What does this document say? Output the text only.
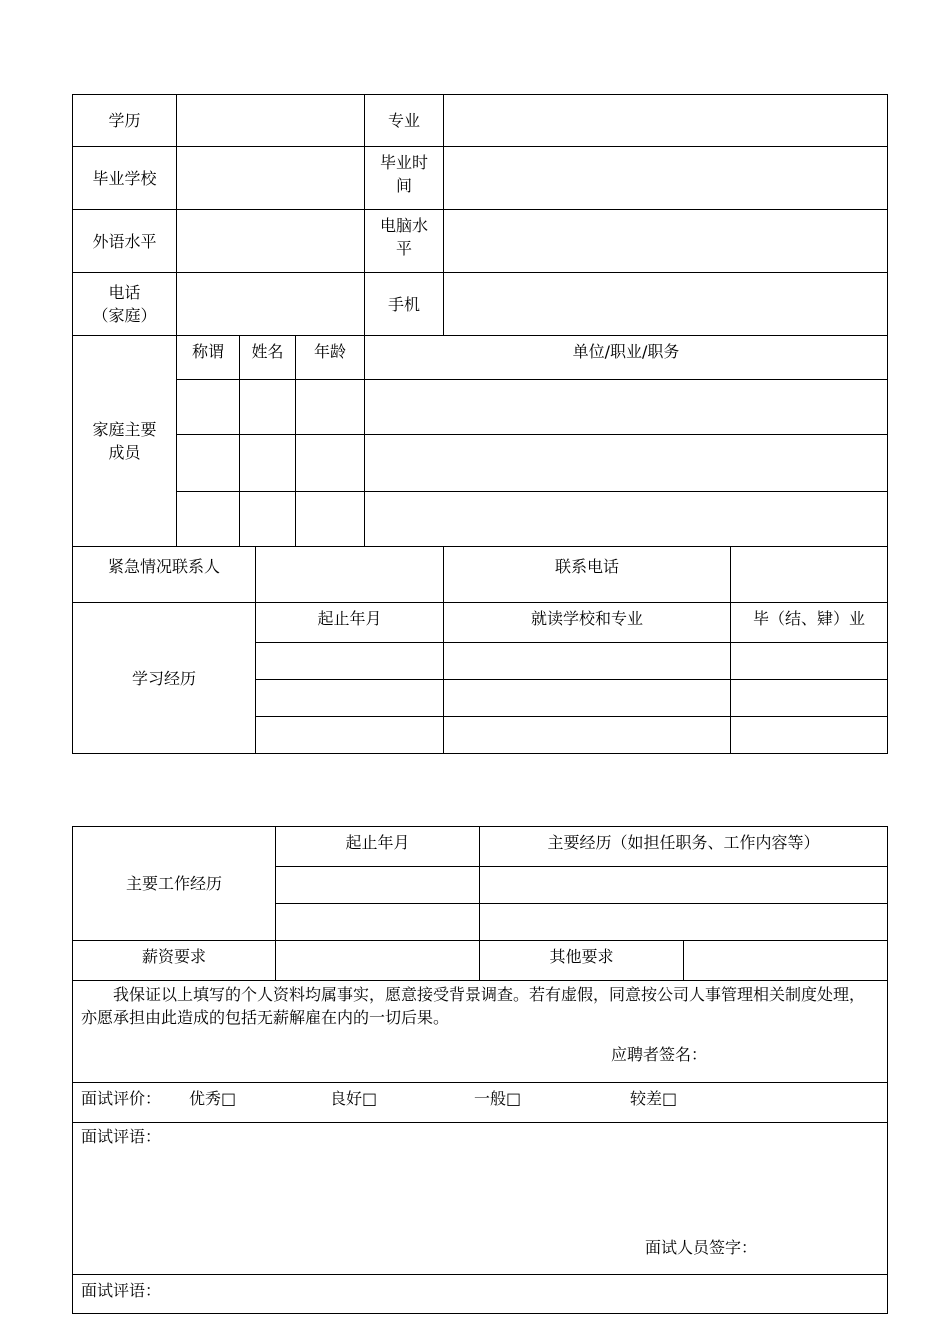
学历					专业		
毕业学校					毕业时间		
外语水平					电脑水平		

电话
（家庭）					手机		
家庭主要成员	称谓	姓名		年龄	单位/职业/职务		

紧急情况联系人						联系电话	
学习经历			起止年月			就读学校和专业	毕（结、肄）业

主要工作经历	起止年月	主要经历（如担任职务、工作内容等）	

薪资要求		其他要求	

我保证以上填写的个人资料均属事实，愿意接受背景调查。若有虚假，同意按公司人事管理相关制度处理，亦愿承担由此造成的包括无薪解雇在内的一切后果。
应聘者签名：			

面试评价： 优秀□ 良好□ 一般□ 较差□			

面试评语：
面试人员签字：			

面试评语：			
